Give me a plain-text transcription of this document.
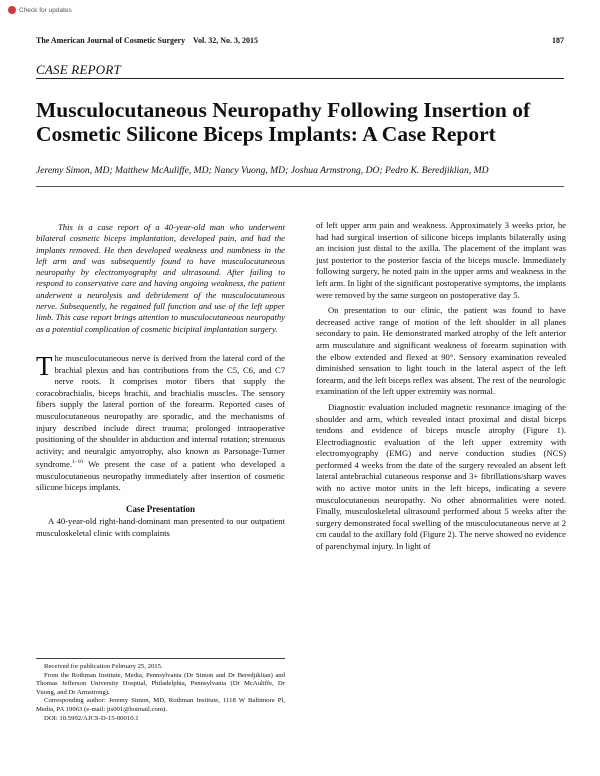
Check for updates
The American Journal of Cosmetic Surgery Vol. 32, No. 3, 2015	187
CASE REPORT
Musculocutaneous Neuropathy Following Insertion of Cosmetic Silicone Biceps Implants: A Case Report
Jeremy Simon, MD; Matthew McAuliffe, MD; Nancy Vuong, MD; Joshua Armstrong, DO; Pedro K. Beredjiklian, MD

This is a case report of a 40-year-old man who underwent bilateral cosmetic biceps implantation, developed pain, and had the implants removed. He then developed weakness and numbness in the left arm and was subsequently found to have musculocutaneous neuropathy by electromyography and ultrasound. After failing to respond to conservative care and having ongoing weakness, the patient underwent a neurolysis and debridement of the musculocutaneous nerve. Subsequently, he regained full function and use of the left upper limb. This case report brings attention to musculocutaneous neuropathy as a potential complication of cosmetic bicipital implantation surgery.

The musculocutaneous nerve is derived from the lateral cord of the brachial plexus and has contributions from the C5, C6, and C7 nerve roots. It comprises motor fibers that supply the coracobrachialis, biceps brachii, and brachialis muscles. The sensory fibers supply the lateral portion of the forearm. Reported cases of musculocutaneous neuropathy are sporadic, and the mechanisms of injury described include direct trauma; prolonged intraoperative positioning of the shoulder in abduction and internal rotation; strenuous activity; and neuralgic amyotrophy, also known as Parsonage-Turner syndrome.$^{1-10}$ We present the case of a patient who developed a musculocutaneous neuropathy immediately after insertion of cosmetic silicone biceps implants.

Case Presentation

A 40-year-old right-hand-dominant man presented to our outpatient musculoskeletal clinic with complaints

Received for publication February 25, 2015.

From the Rothman Institute, Media, Pennsylvania (Dr Simon and Dr Beredjiklian) and Thomas Jefferson University Hospital, Philadelphia, Pennsylvania (Dr McAuliffe, Dr Vuong, and Dr Armstrong).

Corresponding author: Jeremy Simon, MD, Rothman Institute, 1118 W Baltimore Pl, Media, PA 19063 (e-mail: jis001@hotmail.com).

DOI: 10.5992/AJCS-D-15-00010.1

of left upper arm pain and weakness. Approximately 3 weeks prior, he had had surgical insertion of silicone biceps implants bilaterally using an incision just distal to the axilla. The placement of the implant was just posterior to the posterior fascia of the biceps muscle. Immediately following surgery, he noted pain in the upper arms and weakness in the left arm. In light of the significant postoperative symptoms, the implants were removed by the same surgeon on postoperative day 5.

On presentation to our clinic, the patient was found to have decreased active range of motion of the left shoulder in all planes secondary to pain. He demonstrated marked atrophy of the left anterior arm musculature and significant weakness of forearm supination with the elbow extended and flexed at 90°. Sensory examination revealed diminished sensation to light touch in the lateral aspect of the left forearm, and the left biceps reflex was absent. The rest of the neurologic examination of the left upper extremity was normal.

Diagnostic evaluation included magnetic resonance imaging of the shoulder and arm, which revealed intact proximal and distal biceps tendons and evidence of biceps muscle atrophy (Figure 1). Electrodiagnostic evaluation of the left upper extremity with electromyography (EMG) and nerve conduction studies (NCS) performed 4 weeks from the date of the surgery revealed an absent left lateral antebrachial cutaneous response and 3+ fibrillations/sharp waves with no active motor units in the left biceps, indicating a severe musculocutaneous neuropathy. No other abnormalities were noted. Finally, musculoskeletal ultrasound performed about 5 weeks after the surgery demonstrated focal swelling of the musculocutaneous nerve at 2 cm caudal to the axillary fold (Figure 2). The nerve showed no evidence of parenchymal injury. In light of
